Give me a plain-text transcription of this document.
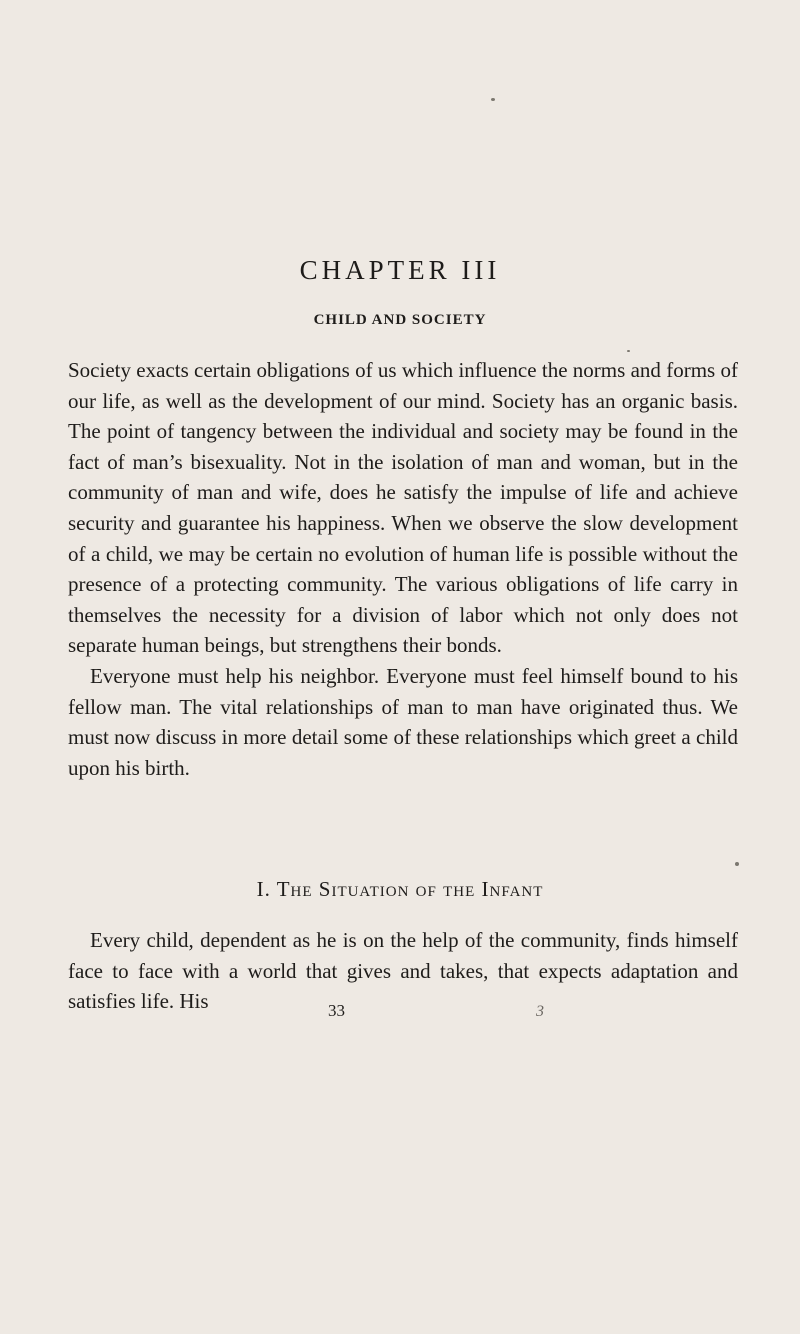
CHAPTER III
CHILD AND SOCIETY

Society exacts certain obligations of us which influence the norms and forms of our life, as well as the development of our mind. Society has an organic basis. The point of tangency between the individual and society may be found in the fact of man’s bisexuality. Not in the isolation of man and woman, but in the community of man and wife, does he satisfy the impulse of life and achieve security and guarantee his happiness. When we observe the slow development of a child, we may be certain no evolution of human life is possible without the presence of a protecting community. The various obligations of life carry in themselves the necessity for a division of labor which not only does not separate human beings, but strengthens their bonds.

Everyone must help his neighbor. Everyone must feel himself bound to his fellow man. The vital relationships of man to man have originated thus. We must now discuss in more detail some of these relationships which greet a child upon his birth.

I. The Situation of the Infant

Every child, dependent as he is on the help of the community, finds himself face to face with a world that gives and takes, that expects adaptation and satisfies life. His	33	3
